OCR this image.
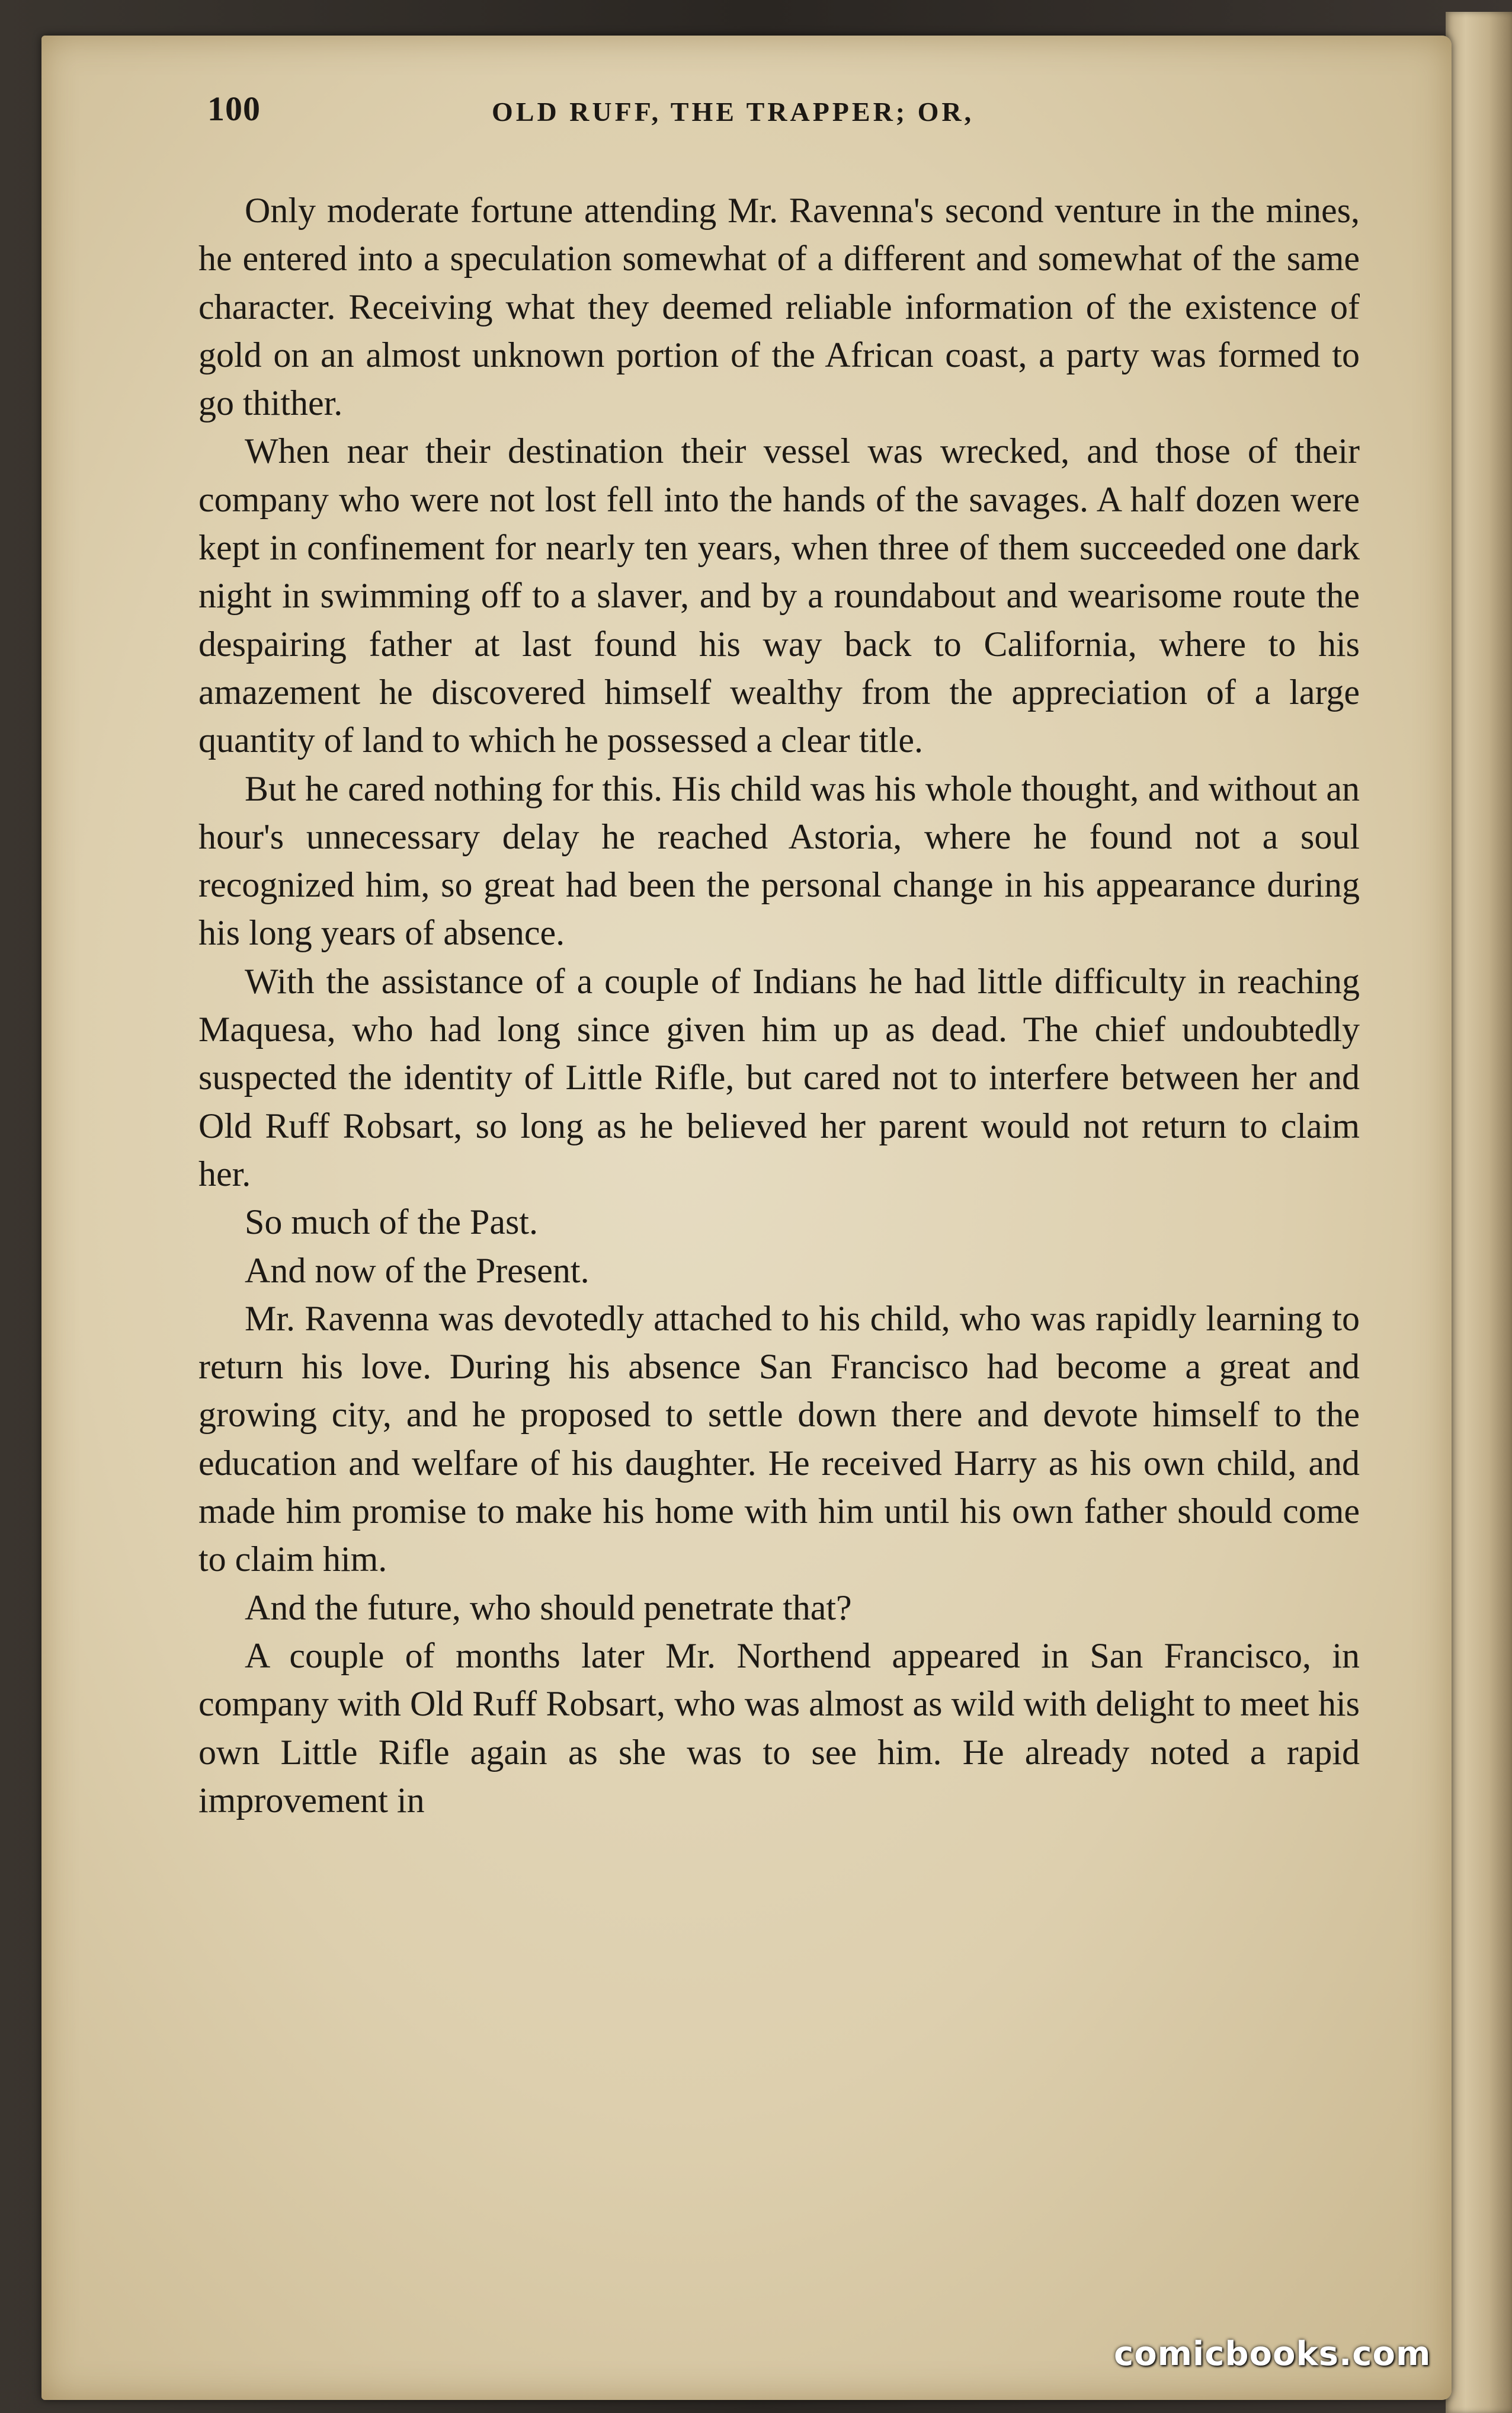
100	OLD RUFF, THE TRAPPER; OR,

Only moderate fortune attending Mr. Ravenna's second venture in the mines, he entered into a speculation somewhat of a different and somewhat of the same character. Receiving what they deemed reliable information of the existence of gold on an almost unknown portion of the African coast, a party was formed to go thither.

When near their destination their vessel was wrecked, and those of their company who were not lost fell into the hands of the savages. A half dozen were kept in confinement for nearly ten years, when three of them succeeded one dark night in swimming off to a slaver, and by a roundabout and wearisome route the despairing father at last found his way back to California, where to his amazement he discovered himself wealthy from the appreciation of a large quantity of land to which he possessed a clear title.

But he cared nothing for this. His child was his whole thought, and without an hour's unnecessary delay he reached Astoria, where he found not a soul recognized him, so great had been the personal change in his appearance during his long years of absence.

With the assistance of a couple of Indians he had little difficulty in reaching Maquesa, who had long since given him up as dead. The chief undoubtedly suspected the identity of Little Rifle, but cared not to interfere between her and Old Ruff Robsart, so long as he believed her parent would not return to claim her.

So much of the Past.

And now of the Present.

Mr. Ravenna was devotedly attached to his child, who was rapidly learning to return his love. During his absence San Francisco had become a great and growing city, and he proposed to settle down there and devote himself to the education and welfare of his daughter. He received Harry as his own child, and made him promise to make his home with him until his own father should come to claim him.

And the future, who should penetrate that?

A couple of months later Mr. Northend appeared in San Francisco, in company with Old Ruff Robsart, who was almost as wild with delight to meet his own Little Rifle again as she was to see him. He already noted a rapid improvement in

comicbooks.com
